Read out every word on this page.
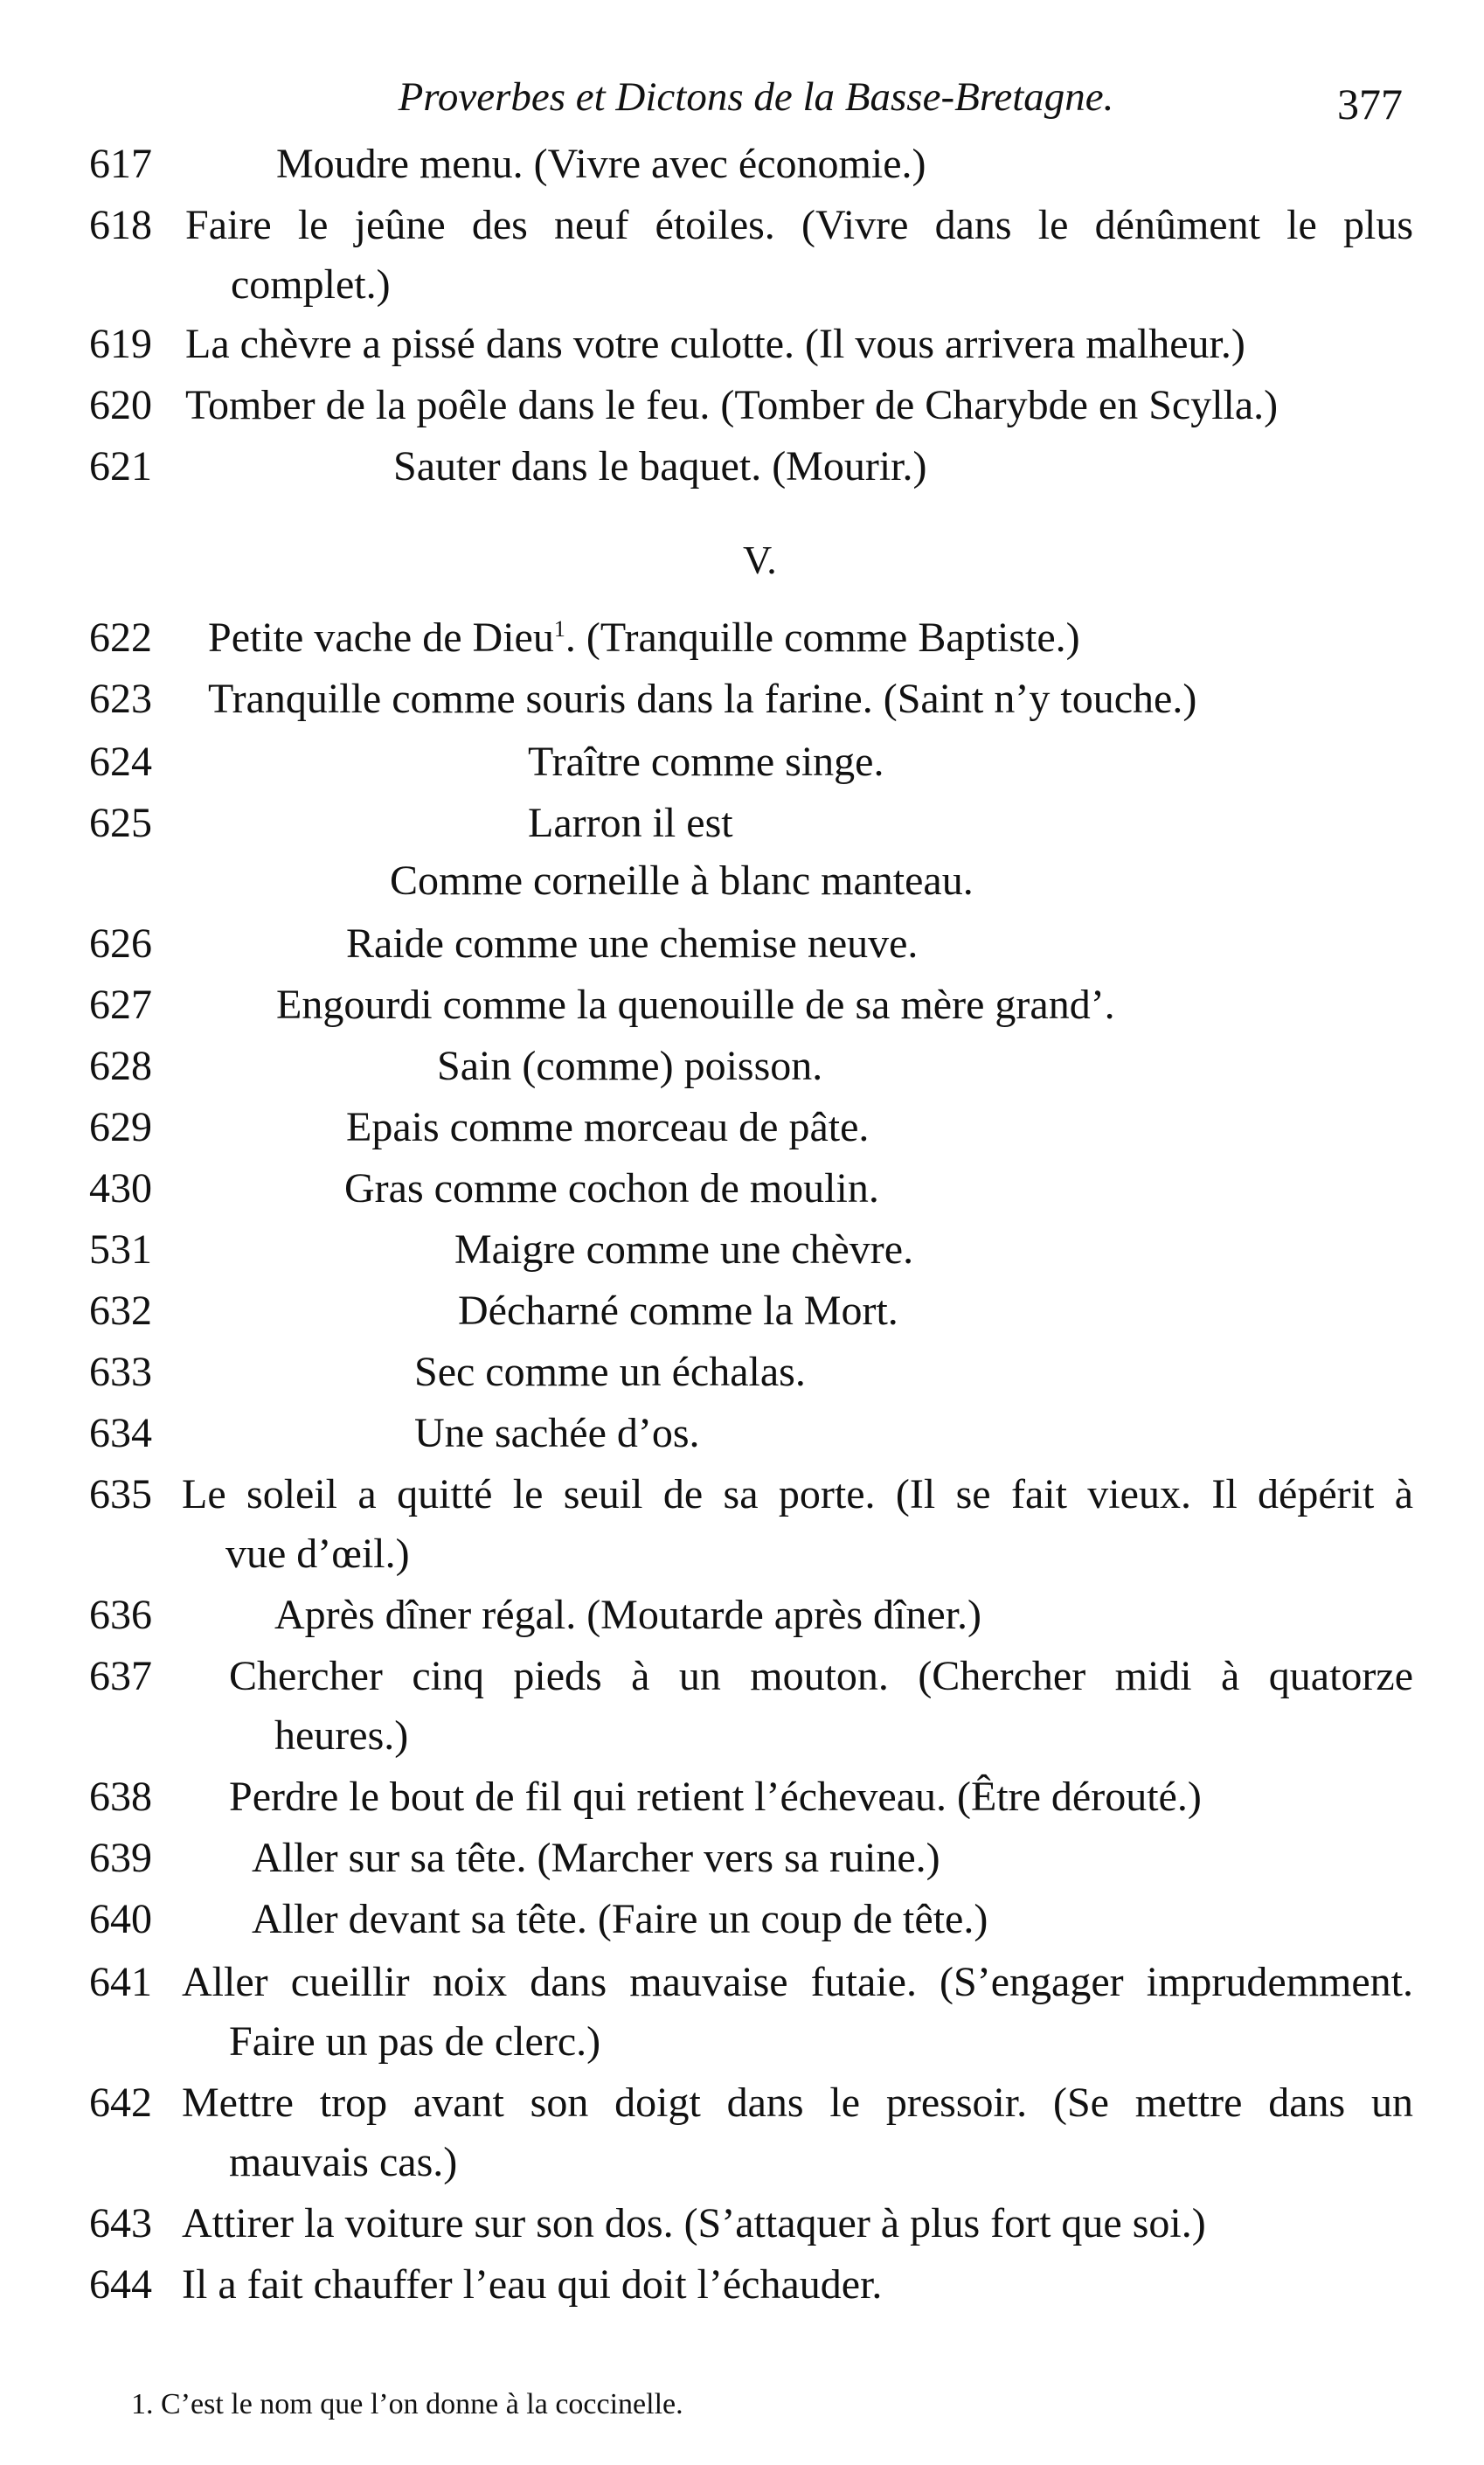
Proverbes et Dictons de la Basse-Bretagne.	377
617	Moudre menu. (Vivre avec économie.)
618 Faire le jeûne des neuf étoiles. (Vivre dans le dénûment le plus
complet.)
619 La chèvre a pissé dans votre culotte. (Il vous arrivera malheur.)
620 Tomber de la poêle dans le feu. (Tomber de Charybde en Scylla.)
621	Sauter dans le baquet. (Mourir.)
V.
622 Petite vache de Dieu$^1$. (Tranquille comme Baptiste.)
623 Tranquille comme souris dans la farine. (Saint n’y touche.)
624	Traître comme singe.
625	Larron il est
Comme corneille à blanc manteau.
626	Raide comme une chemise neuve.
627	Engourdi comme la quenouille de sa mère grand’.
628	Sain (comme) poisson.
629	Epais comme morceau de pâte.
430	Gras comme cochon de moulin.
531	Maigre comme une chèvre.
632	Décharné comme la Mort.
633	Sec comme un échalas.
634	Une sachée d’os.
635 Le soleil a quitté le seuil de sa porte. (Il se fait vieux. Il dépérit à
vue d’œil.)
636	Après dîner régal. (Moutarde après dîner.)
637 Chercher cinq pieds à un mouton. (Chercher midi à quatorze
heures.)
638 Perdre le bout de fil qui retient l’écheveau. (Être dérouté.)
639 Aller sur sa tête. (Marcher vers sa ruine.)
640 Aller devant sa tête. (Faire un coup de tête.)
641 Aller cueillir noix dans mauvaise futaie. (S’engager imprudemment.
Faire un pas de clerc.)
642 Mettre trop avant son doigt dans le pressoir. (Se mettre dans un
mauvais cas.)
643 Attirer la voiture sur son dos. (S’attaquer à plus fort que soi.)
644 Il a fait chauffer l’eau qui doit l’échauder.
1. C’est le nom que l’on donne à la coccinelle.
